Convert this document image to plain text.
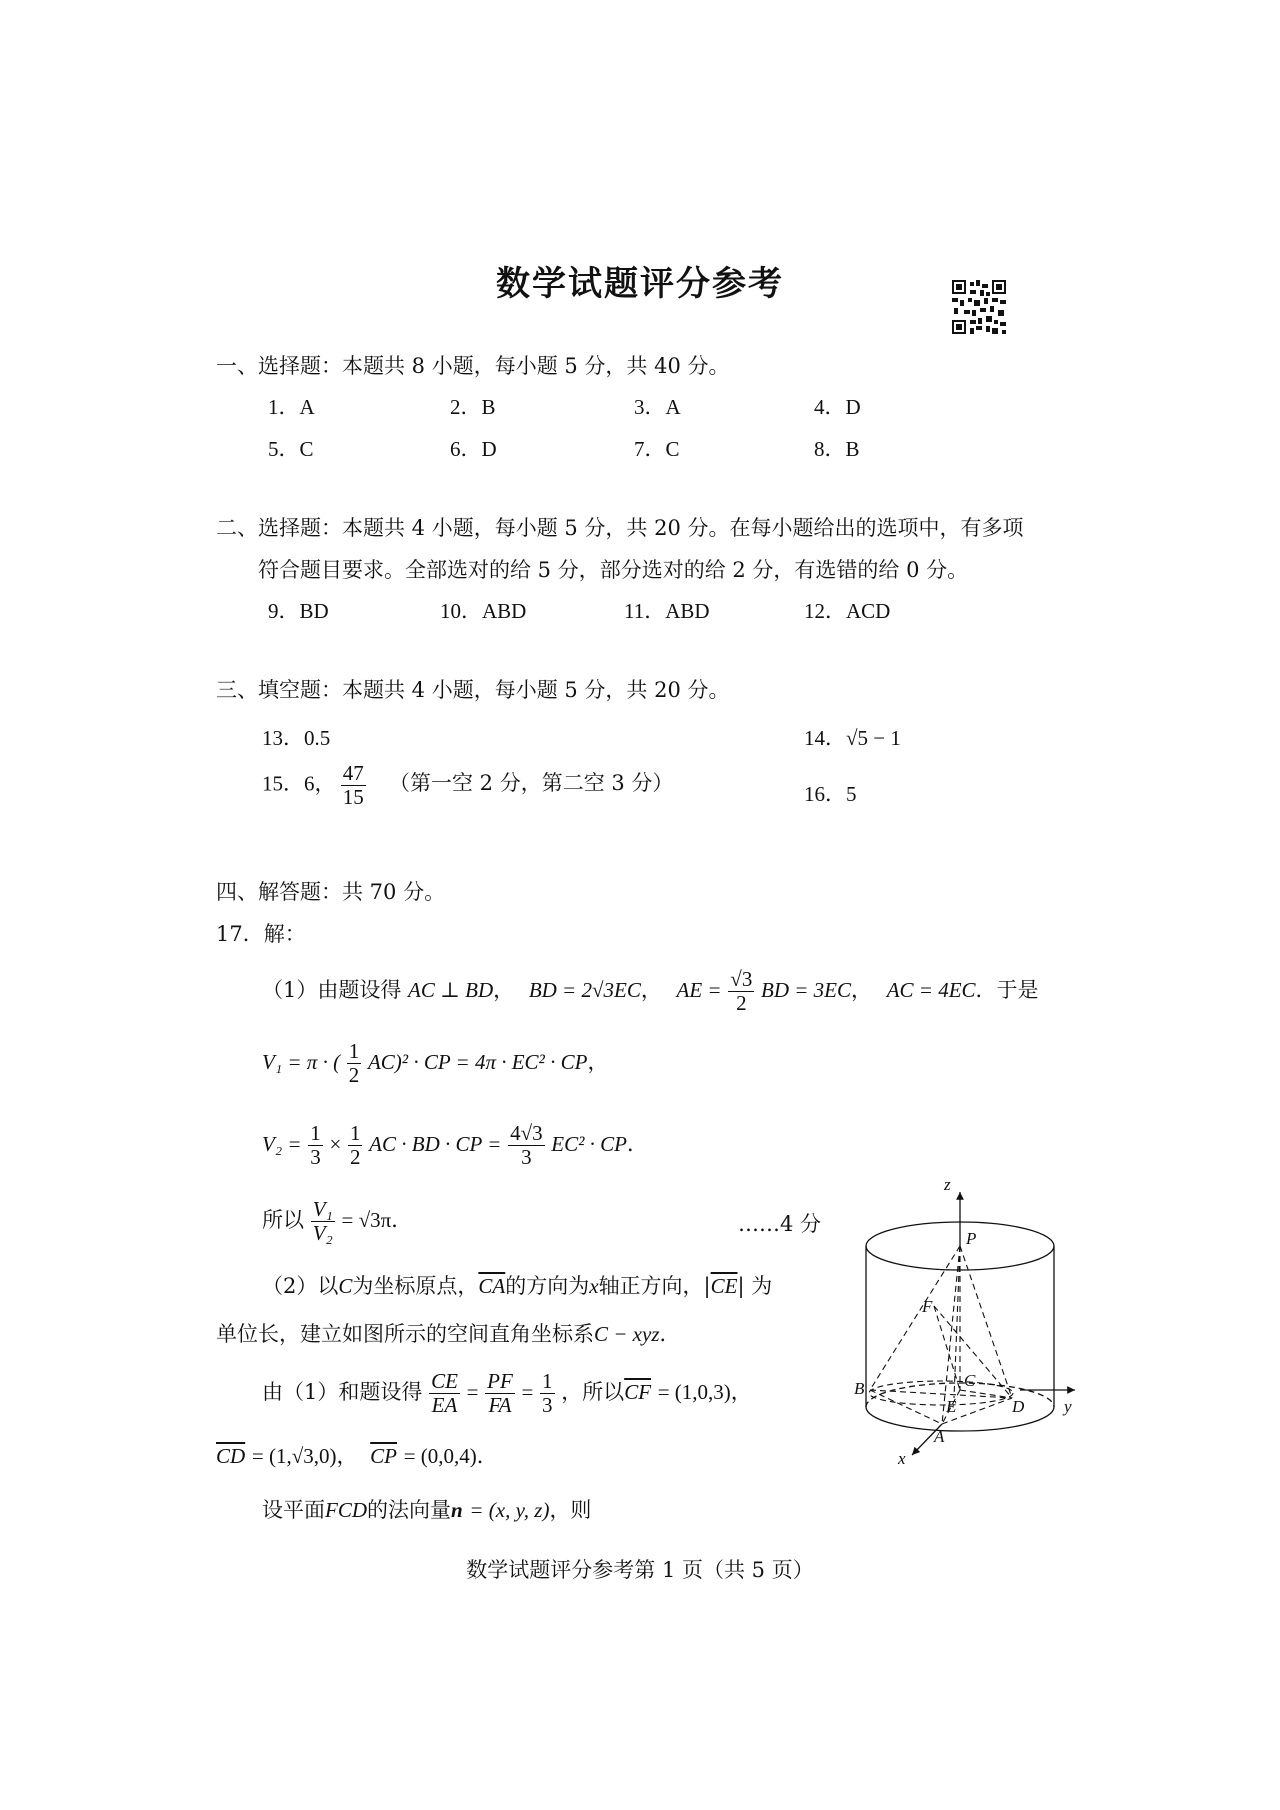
数学试题评分参考
一、选择题：本题共 8 小题，每小题 5 分，共 40 分。
1．A	2．B	3．A	4．D
5．C	6．D	7．C	8．B
二、选择题：本题共 4 小题，每小题 5 分，共 20 分。在每小题给出的选项中，有多项
符合题目要求。全部选对的给 5 分，部分选对的给 2 分，有选错的给 0 分。
9．BD	10．ABD	11．ABD	12．ACD
三、填空题：本题共 4 小题，每小题 5 分，共 20 分。
13．0.5	14．√5 − 1
15．6， $\frac{47}{15}$ （第一空 2 分，第二空 3 分）	16．5
四、解答题：共 70 分。
17．解：
（1）由题设得 AC ⊥ BD， BD = 2√3EC， AE = $\frac{√3}{2}$ BD = 3EC， AC = 4EC．于是
V₁ = π · ( $\frac{1}{2} AC)^2$ · CP = 4π · EC² · CP，
$V_2 = \frac{1}{3} \times \frac{1}{2}$ AC · BD · CP = $\frac{4√3}{3} EC^2$ · CP．
所以 $\frac{\text{V₁}}{\text{V₂}} = √3\pi$．	……4 分
（2）以C为坐标原点，$\overline{CA}$的方向为x轴正方向，$|\overline{CE}|$ 为
单位长，建立如图所示的空间直角坐标系C − xyz．
由（1）和题设得 $\frac{CE}{EA} = \frac{PF}{FA} = \frac{1}{3}$ ，所以$\overline{CF} = (1,0,3)$，
$\overline{CD} = (1,√3,0)$， $\overline{CP} = (0,0,4)$．
设平面FCD的法向量n = (x, y, z)，则
z
P
F
C
B
E	D
A
x
y
数学试题评分参考第 1 页（共 5 页）
